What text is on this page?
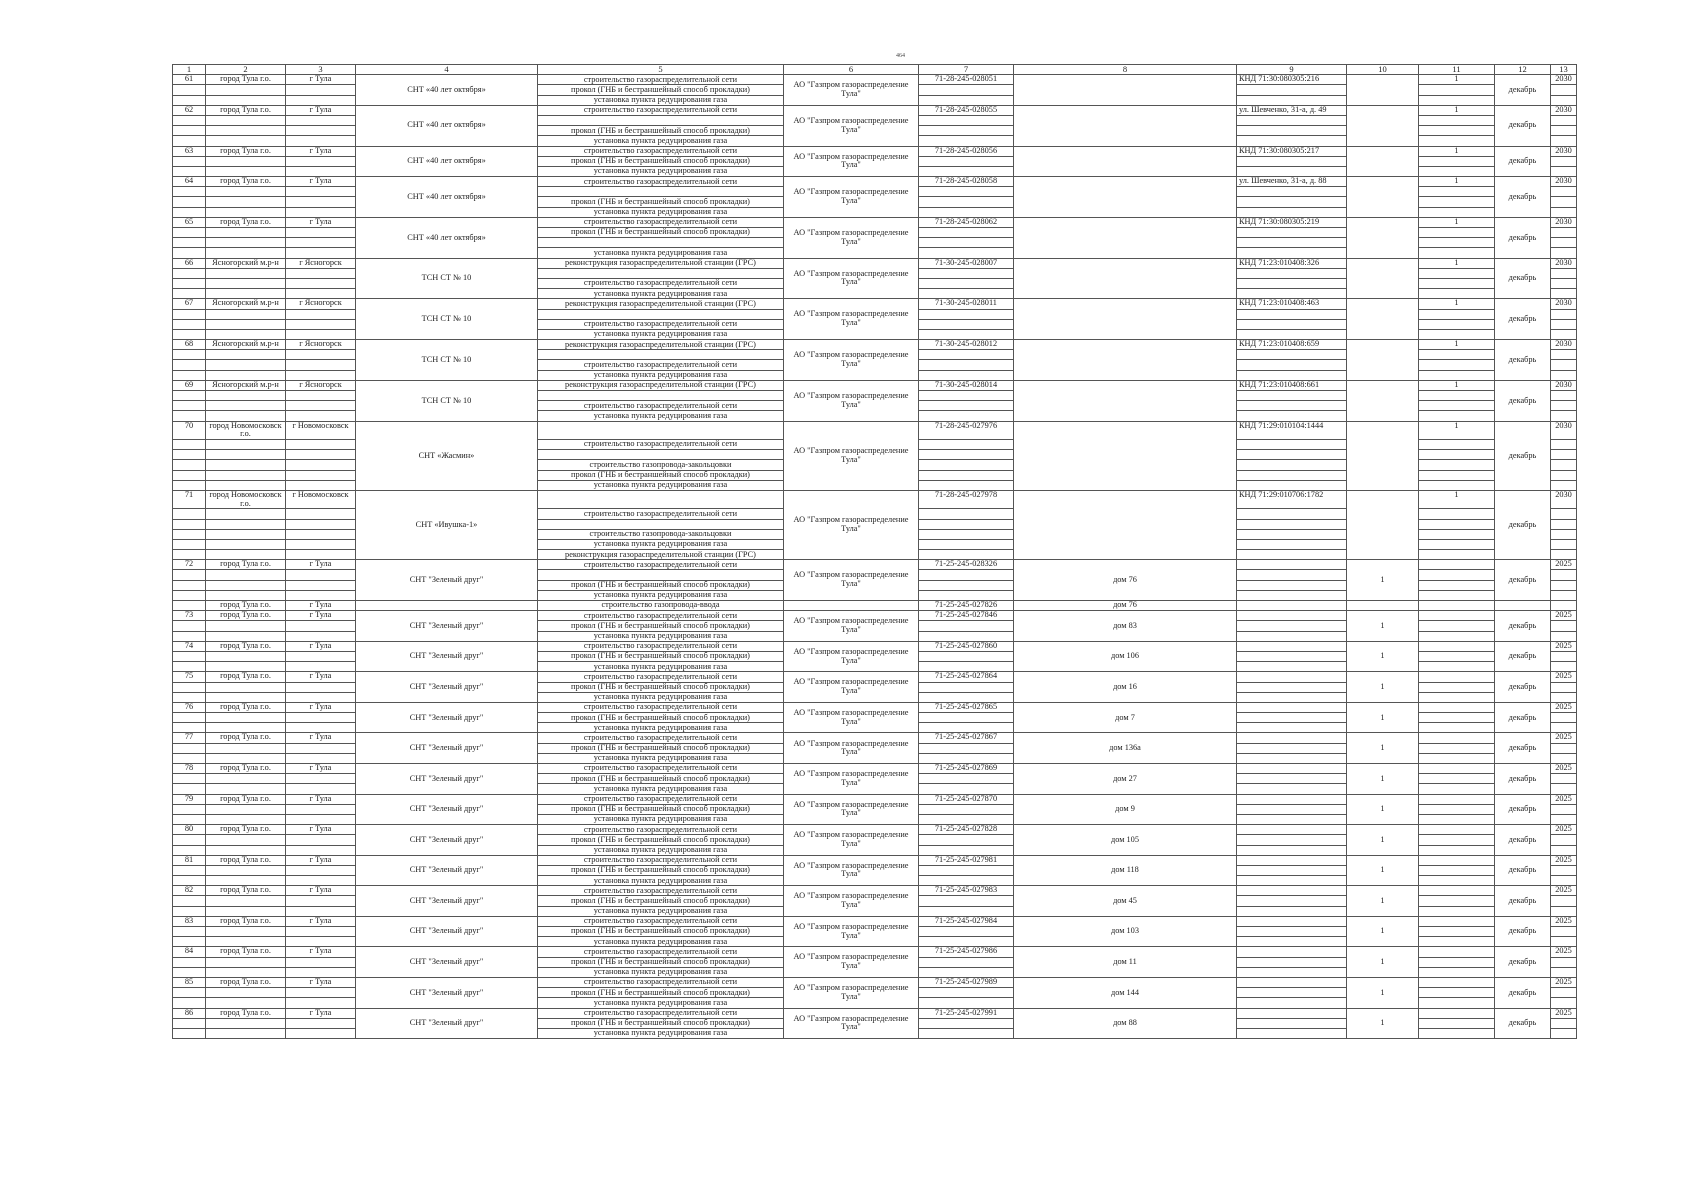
464
1	2	3	4	5	6	7	8	9	10	11	12	13
61	город Тула г.о.	г Тула	СНТ «40 лет октября»	строительство газораспределительной сети	АО "Газпром газораспределение Тула"	71-28-245-028051		КНД 71:30:080305:216		1	декабрь	2030
				прокол (ГНБ и бестраншейный способ прокладки)								
				установка пункта редуцирования газа								
62	город Тула г.о.	г Тула	СНТ «40 лет октября»	строительство газораспределительной сети	АО "Газпром газораспределение Тула"	71-28-245-028055		ул. Шевченко, 31-а, д. 49		1	декабрь	2030

				прокол (ГНБ и бестраншейный способ прокладки)								
				установка пункта редуцирования газа								
63	город Тула г.о.	г Тула	СНТ «40 лет октября»	строительство газораспределительной сети	АО "Газпром газораспределение Тула"	71-28-245-028056		КНД 71:30:080305:217		1	декабрь	2030
				прокол (ГНБ и бестраншейный способ прокладки)								
				установка пункта редуцирования газа								
64	город Тула г.о.	г Тула	СНТ «40 лет октября»	строительство газораспределительной сети	АО "Газпром газораспределение Тула"	71-28-245-028058		ул. Шевченко, 31-а, д. 88		1	декабрь	2030

				прокол (ГНБ и бестраншейный способ прокладки)								
				установка пункта редуцирования газа								
65	город Тула г.о.	г Тула	СНТ «40 лет октября»	строительство газораспределительной сети	АО "Газпром газораспределение Тула"	71-28-245-028062		КНД 71:30:080305:219		1	декабрь	2030
				прокол (ГНБ и бестраншейный способ прокладки)								

				установка пункта редуцирования газа								
66	Ясногорский м.р-н	г Ясногорск	ТСН СТ № 10	реконструкция газораспределительной станции (ГРС)	АО "Газпром газораспределение Тула"	71-30-245-028007		КНД 71:23:010408:326		1	декабрь	2030

				строительство газораспределительной сети								
				установка пункта редуцирования газа								
67	Ясногорский м.р-н	г Ясногорск	ТСН СТ № 10	реконструкция газораспределительной станции (ГРС)	АО "Газпром газораспределение Тула"	71-30-245-028011		КНД 71:23:010408:463		1	декабрь	2030

				строительство газораспределительной сети								
				установка пункта редуцирования газа								
68	Ясногорский м.р-н	г Ясногорск	ТСН СТ № 10	реконструкция газораспределительной станции (ГРС)	АО "Газпром газораспределение Тула"	71-30-245-028012		КНД 71:23:010408:659		1	декабрь	2030

				строительство газораспределительной сети								
				установка пункта редуцирования газа								
69	Ясногорский м.р-н	г Ясногорск	ТСН СТ № 10	реконструкция газораспределительной станции (ГРС)	АО "Газпром газораспределение Тула"	71-30-245-028014		КНД 71:23:010408:661		1	декабрь	2030

				строительство газораспределительной сети								
				установка пункта редуцирования газа								
70	город Новомосковск г.о.	г Новомосковск	СНТ «Жасмин»		АО "Газпром газораспределение Тула"	71-28-245-027976		КНД 71:29:010104:1444		1	декабрь	2030
				строительство газораспределительной сети								

				строительство газопровода-закольцовки								
				прокол (ГНБ и бестраншейный способ прокладки)								
				установка пункта редуцирования газа								
71	город Новомосковск г.о.	г Новомосковск	СНТ «Ивушка-1»		АО "Газпром газораспределение Тула"	71-28-245-027978		КНД 71:29:010706:1782		1	декабрь	2030
				строительство газораспределительной сети								

				строительство газопровода-закольцовки								
				установка пункта редуцирования газа								
				реконструкция газораспределительной станции (ГРС)								
72	город Тула г.о.	г Тула	СНТ "Зеленый друг"	строительство газораспределительной сети	АО "Газпром газораспределение Тула"	71-25-245-028326	дом 76		1		декабрь	2025

				прокол (ГНБ и бестраншейный способ прокладки)								
				установка пункта редуцирования газа								
	город Тула г.о.	г Тула		строительство газопровода-ввода		71-25-245-027826	дом 76					
73	город Тула г.о.	г Тула	СНТ "Зеленый друг"	строительство газораспределительной сети	АО "Газпром газораспределение Тула"	71-25-245-027846	дом 83		1		декабрь	2025
				прокол (ГНБ и бестраншейный способ прокладки)								
				установка пункта редуцирования газа								
74	город Тула г.о.	г Тула	СНТ "Зеленый друг"	строительство газораспределительной сети	АО "Газпром газораспределение Тула"	71-25-245-027860	дом 106		1		декабрь	2025
				прокол (ГНБ и бестраншейный способ прокладки)								
				установка пункта редуцирования газа								
75	город Тула г.о.	г Тула	СНТ "Зеленый друг"	строительство газораспределительной сети	АО "Газпром газораспределение Тула"	71-25-245-027864	дом 16		1		декабрь	2025
				прокол (ГНБ и бестраншейный способ прокладки)								
				установка пункта редуцирования газа								
76	город Тула г.о.	г Тула	СНТ "Зеленый друг"	строительство газораспределительной сети	АО "Газпром газораспределение Тула"	71-25-245-027865	дом 7		1		декабрь	2025
				прокол (ГНБ и бестраншейный способ прокладки)								
				установка пункта редуцирования газа								
77	город Тула г.о.	г Тула	СНТ "Зеленый друг"	строительство газораспределительной сети	АО "Газпром газораспределение Тула"	71-25-245-027867	дом 136а		1		декабрь	2025
				прокол (ГНБ и бестраншейный способ прокладки)								
				установка пункта редуцирования газа								
78	город Тула г.о.	г Тула	СНТ "Зеленый друг"	строительство газораспределительной сети	АО "Газпром газораспределение Тула"	71-25-245-027869	дом 27		1		декабрь	2025
				прокол (ГНБ и бестраншейный способ прокладки)								
				установка пункта редуцирования газа								
79	город Тула г.о.	г Тула	СНТ "Зеленый друг"	строительство газораспределительной сети	АО "Газпром газораспределение Тула"	71-25-245-027870	дом 9		1		декабрь	2025
				прокол (ГНБ и бестраншейный способ прокладки)								
				установка пункта редуцирования газа								
80	город Тула г.о.	г Тула	СНТ "Зеленый друг"	строительство газораспределительной сети	АО "Газпром газораспределение Тула"	71-25-245-027828	дом 105		1		декабрь	2025
				прокол (ГНБ и бестраншейный способ прокладки)								
				установка пункта редуцирования газа								
81	город Тула г.о.	г Тула	СНТ "Зеленый друг"	строительство газораспределительной сети	АО "Газпром газораспределение Тула"	71-25-245-027981	дом 118		1		декабрь	2025
				прокол (ГНБ и бестраншейный способ прокладки)								
				установка пункта редуцирования газа								
82	город Тула г.о.	г Тула	СНТ "Зеленый друг"	строительство газораспределительной сети	АО "Газпром газораспределение Тула"	71-25-245-027983	дом 45		1		декабрь	2025
				прокол (ГНБ и бестраншейный способ прокладки)								
				установка пункта редуцирования газа								
83	город Тула г.о.	г Тула	СНТ "Зеленый друг"	строительство газораспределительной сети	АО "Газпром газораспределение Тула"	71-25-245-027984	дом 103		1		декабрь	2025
				прокол (ГНБ и бестраншейный способ прокладки)								
				установка пункта редуцирования газа								
84	город Тула г.о.	г Тула	СНТ "Зеленый друг"	строительство газораспределительной сети	АО "Газпром газораспределение Тула"	71-25-245-027986	дом 11		1		декабрь	2025
				прокол (ГНБ и бестраншейный способ прокладки)								
				установка пункта редуцирования газа								
85	город Тула г.о.	г Тула	СНТ "Зеленый друг"	строительство газораспределительной сети	АО "Газпром газораспределение Тула"	71-25-245-027989	дом 144		1		декабрь	2025
				прокол (ГНБ и бестраншейный способ прокладки)								
				установка пункта редуцирования газа								
86	город Тула г.о.	г Тула	СНТ "Зеленый друг"	строительство газораспределительной сети	АО "Газпром газораспределение Тула"	71-25-245-027991	дом 88		1		декабрь	2025
				прокол (ГНБ и бестраншейный способ прокладки)								
				установка пункта редуцирования газа								
